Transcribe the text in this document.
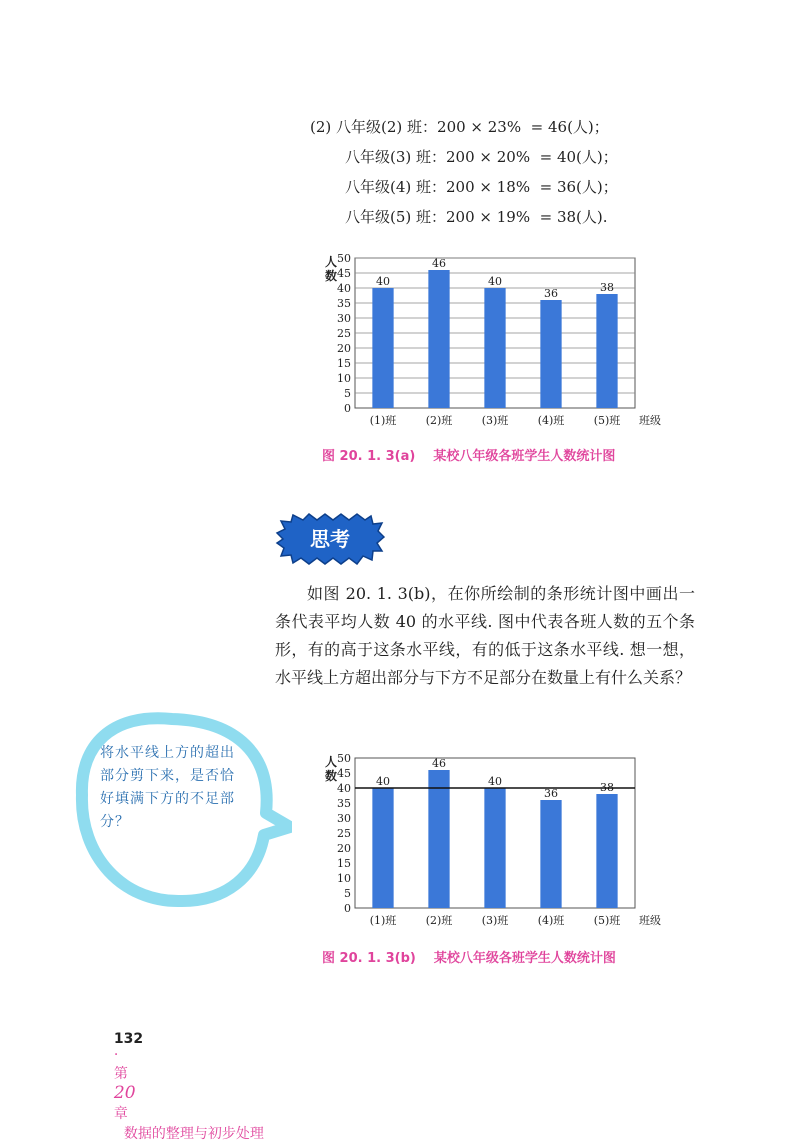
(2) 八年级(2) 班：200 × 23%  = 46(人)；
八年级(3) 班：200 × 20%  = 40(人)；
八年级(4) 班：200 × 18%  = 36(人)；
八年级(5) 班：200 × 19%  = 38(人).
0
5
10
15
20
25
30
35
40
45
50
人
数	40
(1)班
46
(2)班
40
(3)班
36
(4)班
38
(5)班 班级
图 20. 1. 3(a)    某校八年级各班学生人数统计图
思考
如图 20. 1. 3(b)，在你所绘制的条形统计图中画出一条代表平均人数 40 的水平线. 图中代表各班人数的五个条形，有的高于这条水平线，有的低于这条水平线. 想一想，水平线上方超出部分与下方不足部分在数量上有什么关系？
将水平线上方的超出部分剪下来，是否恰好填满下方的不足部分？
0
5
10
15
20
25
30
35
40
45
50
人
数	40
(1)班
46
(2)班
40
(3)班
36
(4)班
38
(5)班 班级
图 20. 1. 3(b)    某校八年级各班学生人数统计图

132
·
第
20
章
数据的整理与初步处理
